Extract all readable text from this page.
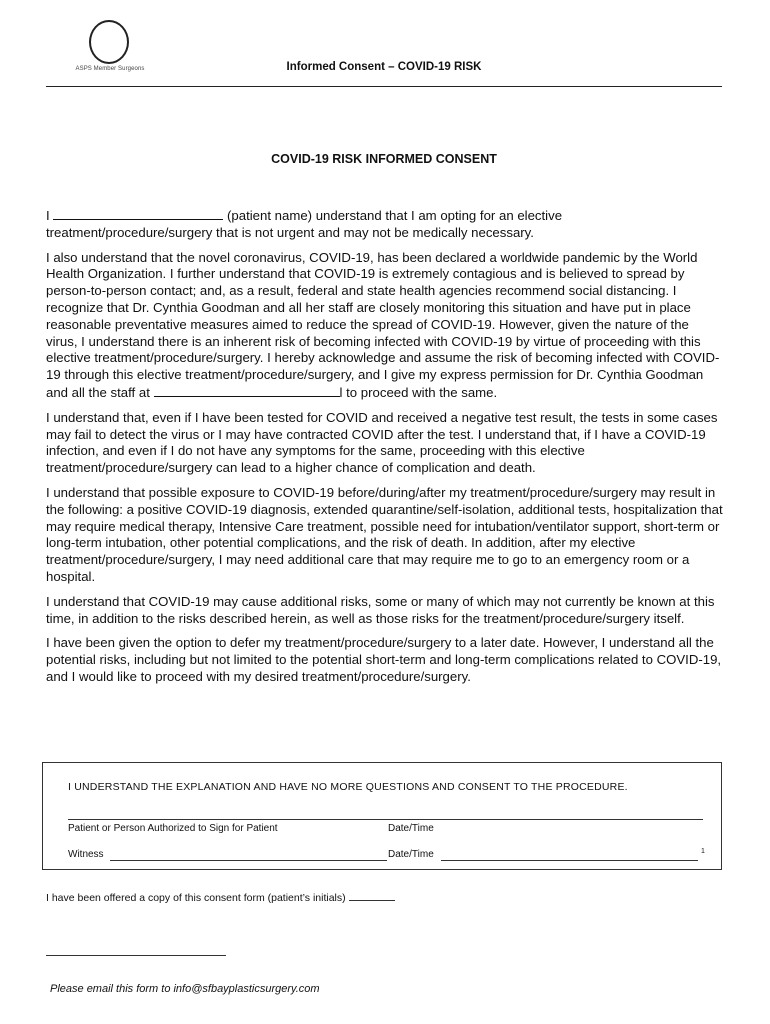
ASPS Member Surgeons	Informed Consent – COVID-19 RISK
COVID-19 RISK INFORMED CONSENT

I	(patient name) understand that I am opting for an elective treatment/procedure/surgery that is not urgent and may not be medically necessary.

I also understand that the novel coronavirus, COVID-19, has been declared a worldwide pandemic by the World Health Organization. I further understand that COVID-19 is extremely contagious and is believed to spread by person-to-person contact; and, as a result, federal and state health agencies recommend social distancing. I recognize that Dr. Cynthia Goodman and all her staff are closely monitoring this situation and have put in place reasonable preventative measures aimed to reduce the spread of COVID-19. However, given the nature of the virus, I understand there is an inherent risk of becoming infected with COVID-19 by virtue of proceeding with this elective treatment/procedure/surgery. I hereby acknowledge and assume the risk of becoming infected with COVID-19 through this elective treatment/procedure/surgery, and I give my express permission for Dr. Cynthia Goodman and all the staff at	l to proceed with the same.

I understand that, even if I have been tested for COVID and received a negative test result, the tests in some cases may fail to detect the virus or I may have contracted COVID after the test. I understand that, if I have a COVID-19 infection, and even if I do not have any symptoms for the same, proceeding with this elective treatment/procedure/surgery can lead to a higher chance of complication and death.

I understand that possible exposure to COVID-19 before/during/after my treatment/procedure/surgery may result in the following: a positive COVID-19 diagnosis, extended quarantine/self-isolation, additional tests, hospitalization that may require medical therapy, Intensive Care treatment, possible need for intubation/ventilator support, short-term or long-term intubation, other potential complications, and the risk of death. In addition, after my elective treatment/procedure/surgery, I may need additional care that may require me to go to an emergency room or a hospital.

I understand that COVID-19 may cause additional risks, some or many of which may not currently be known at this time, in addition to the risks described herein, as well as those risks for the treatment/procedure/surgery itself.

I have been given the option to defer my treatment/procedure/surgery to a later date. However, I understand all the potential risks, including but not limited to the potential short-term and long-term complications related to COVID-19, and I would like to proceed with my desired treatment/procedure/surgery.

I UNDERSTAND THE EXPLANATION AND HAVE NO MORE QUESTIONS AND CONSENT TO THE PROCEDURE.
Patient or Person Authorized to Sign for Patient	Date/Time
Witness	Date/Time	1
I have been offered a copy of this consent form (patient’s initials)
Please email this form to info@sfbayplasticsurgery.com
